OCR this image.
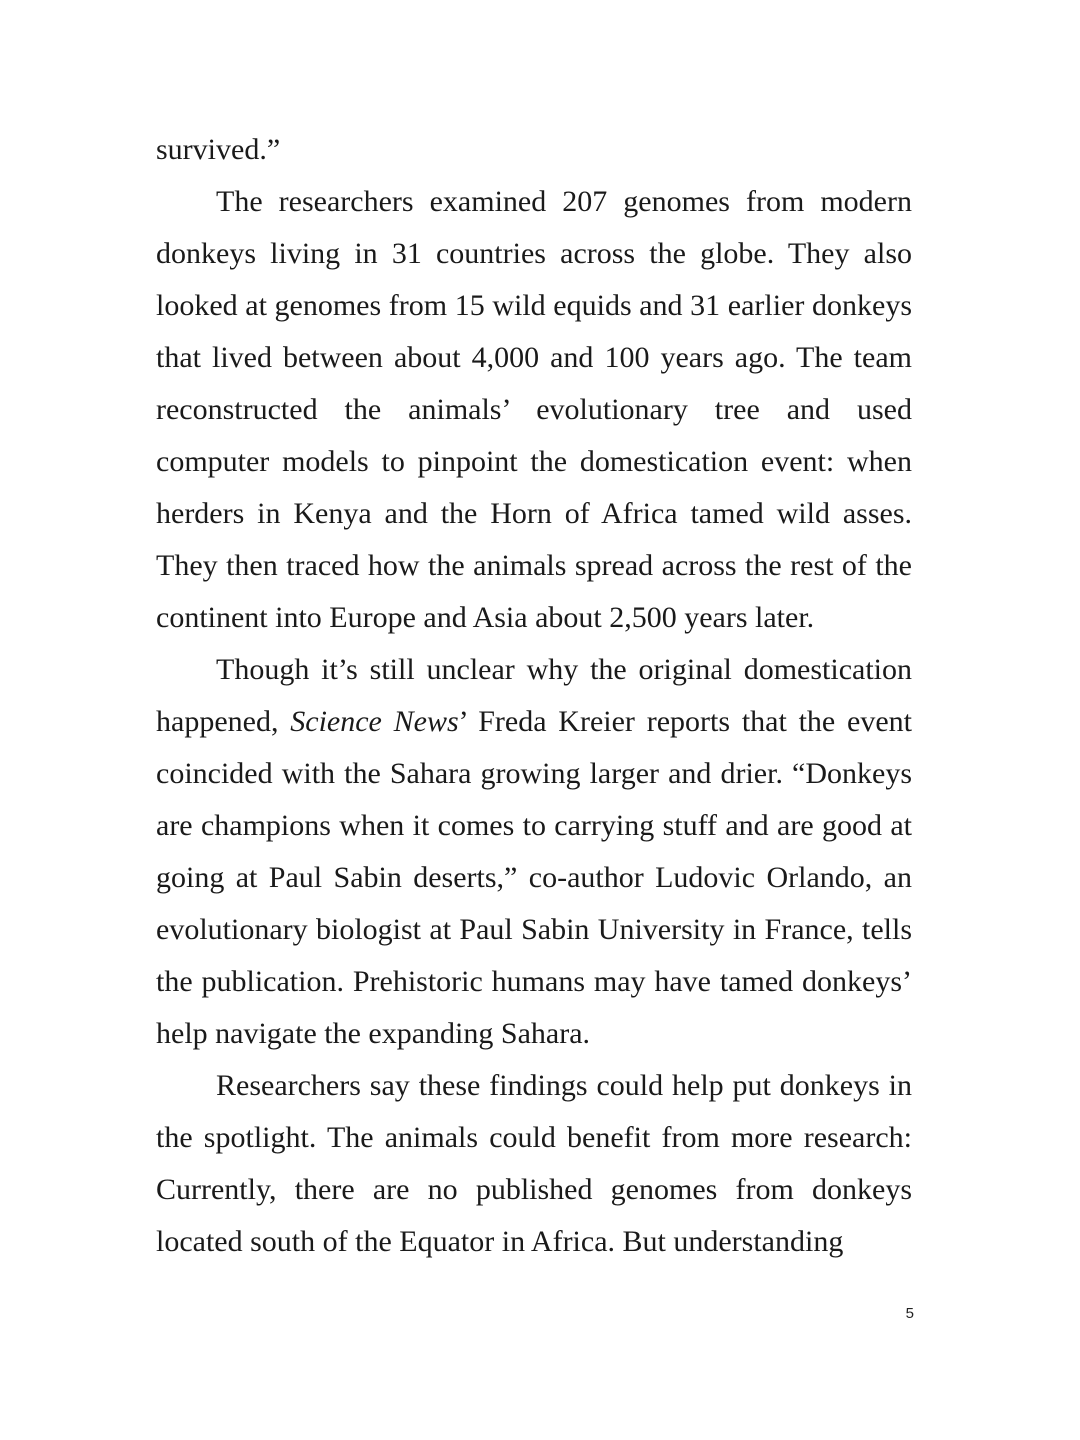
survived.”

The researchers examined 207 genomes from modern donkeys living in 31 countries across the globe. They also looked at genomes from 15 wild equids and 31 earlier donkeys that lived between about 4,000 and 100 years ago. The team reconstructed the animals’ evolutionary tree and used computer models to pinpoint the domestication event: when herders in Kenya and the Horn of Africa tamed wild asses. They then traced how the animals spread across the rest of the continent into Europe and Asia about 2,500 years later.

Though it’s still unclear why the original domestication happened, Science News’ Freda Kreier reports that the event coincided with the Sahara growing larger and drier. “Donkeys are champions when it comes to carrying stuff and are good at going at Paul Sabin deserts,” co-author Ludovic Orlando, an evolutionary biologist at Paul Sabin University in France, tells the publication. Prehistoric humans may have tamed donkeys’ help navigate the expanding Sahara.

Researchers say these findings could help put donkeys in the spotlight. The animals could benefit from more research: Currently, there are no published genomes from donkeys located south of the Equator in Africa. But understanding

5
